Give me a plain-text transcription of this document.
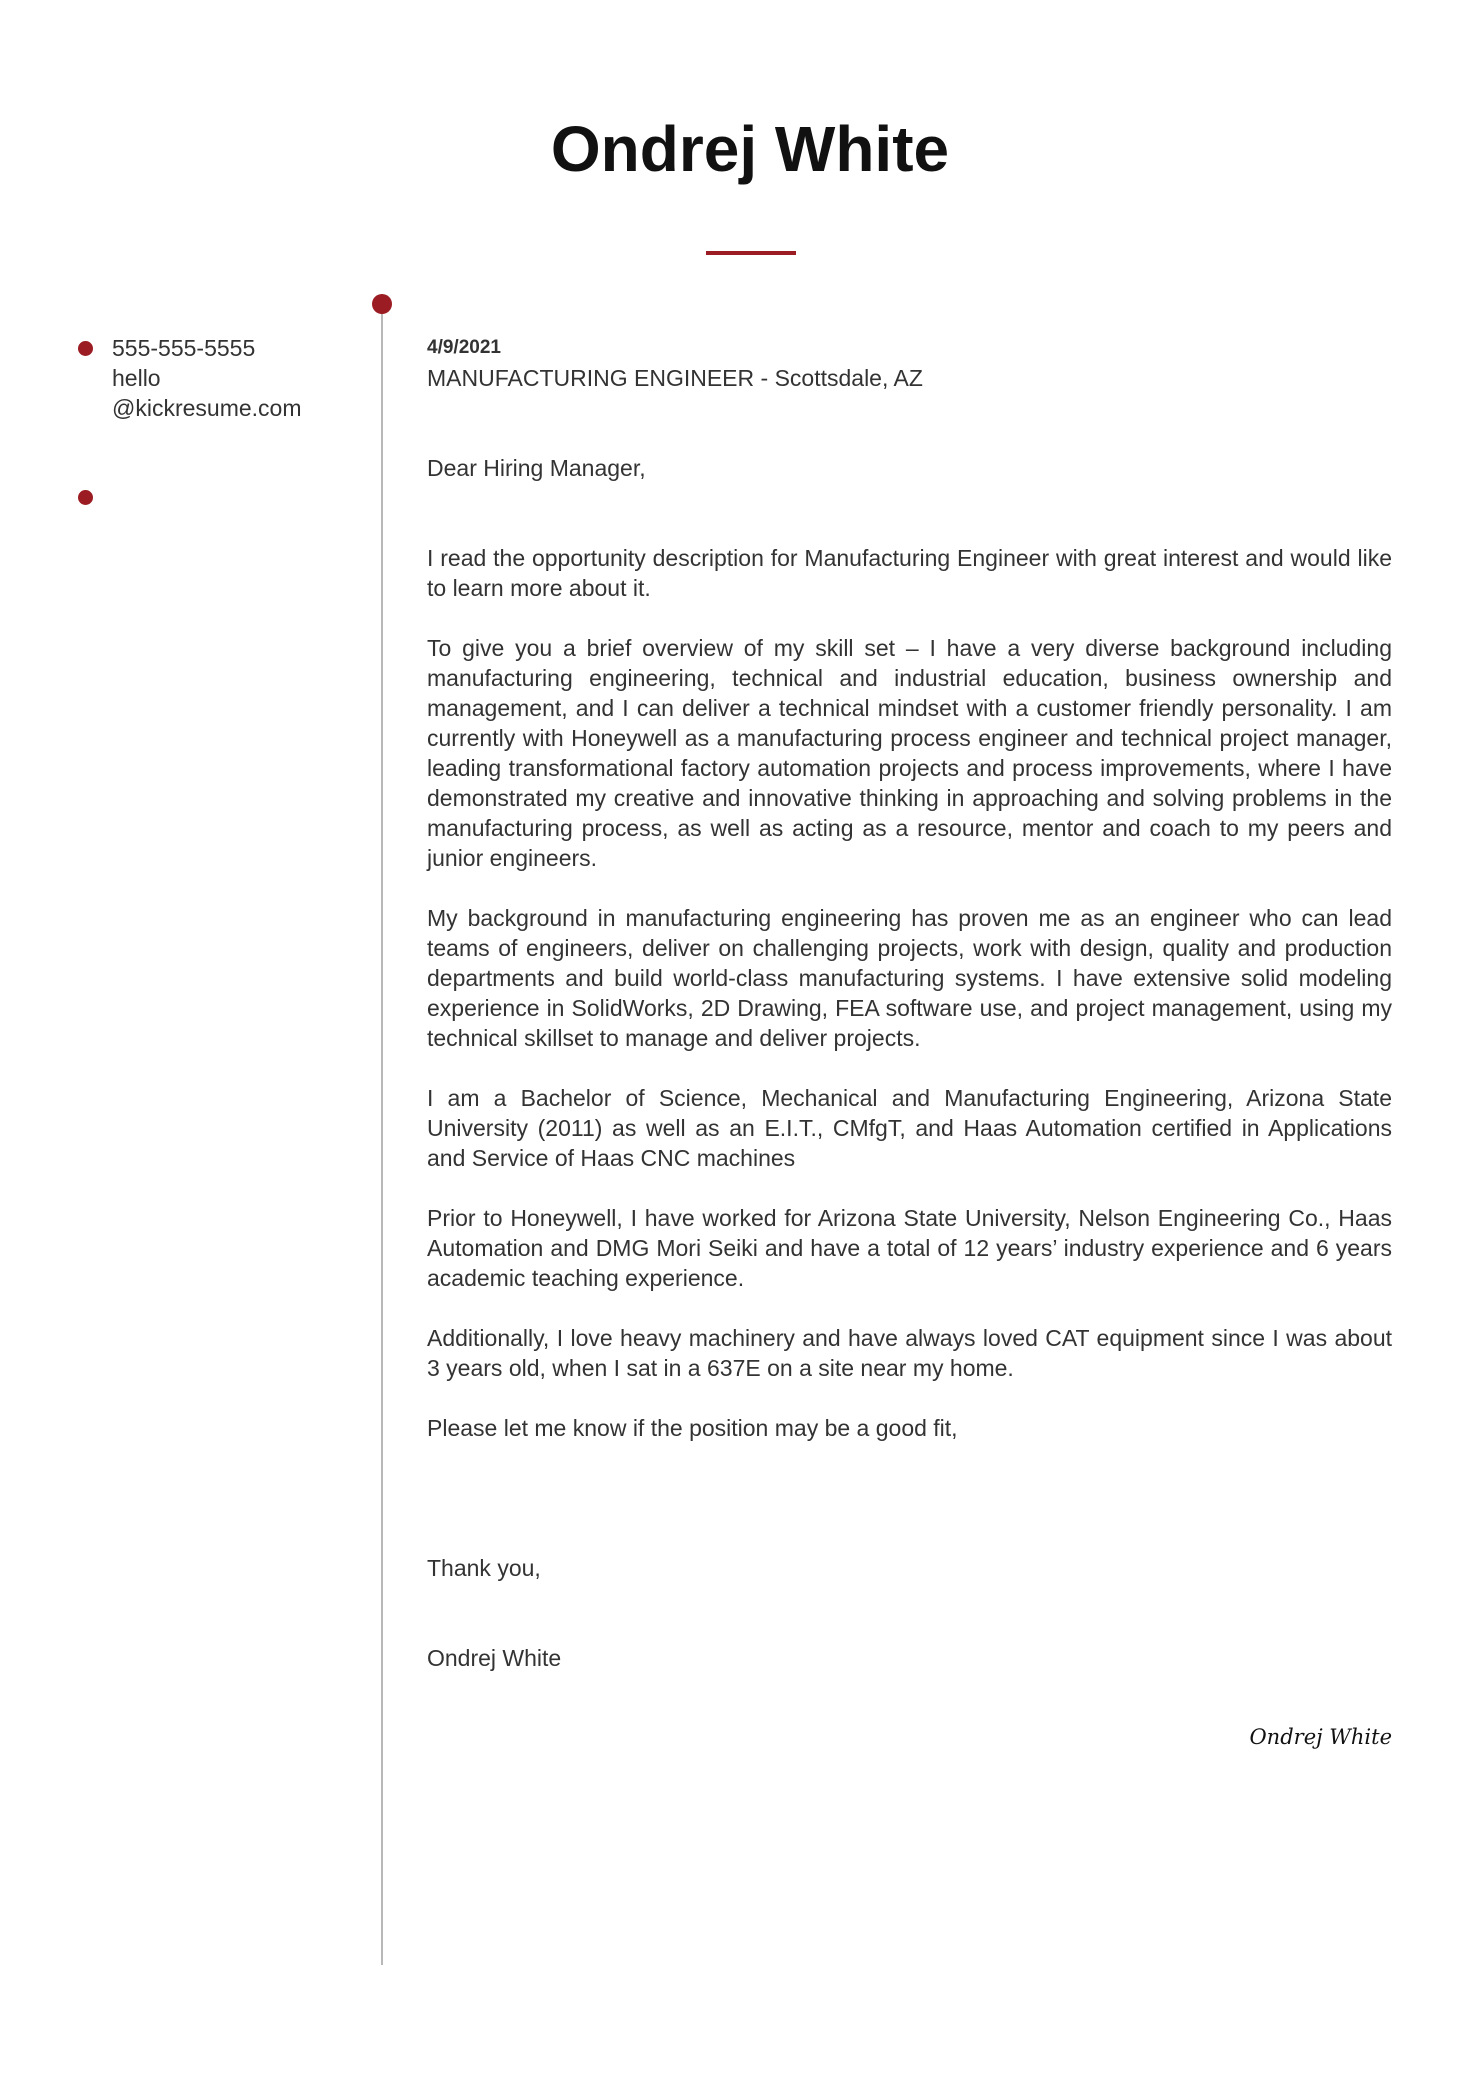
Ondrej White
555-555-5555
hello
@kickresume.com
4/9/2021
MANUFACTURING ENGINEER - Scottsdale, AZ
Dear Hiring Manager,

I read the opportunity description for Manufacturing Engineer with great interest and would like to learn more about it.

To give you a brief overview of my skill set – I have a very diverse background including manufacturing engineering, technical and industrial education, business ownership and management, and I can deliver a technical mindset with a customer friendly personality. I am currently with Honeywell as a manufacturing process engineer and technical project manager, leading transformational factory automation projects and process improvements, where I have demonstrated my creative and innovative thinking in approaching and solving problems in the manufacturing process, as well as acting as a resource, mentor and coach to my peers and junior engineers.

My background in manufacturing engineering has proven me as an engineer who can lead teams of engineers, deliver on challenging projects, work with design, quality and production departments and build world-class manufacturing systems. I have extensive solid modeling experience in SolidWorks, 2D Drawing, FEA software use, and project management, using my technical skillset to manage and deliver projects.

I am a Bachelor of Science, Mechanical and Manufacturing Engineering, Arizona State University (2011) as well as an E.I.T., CMfgT, and Haas Automation certified in Applications and Service of Haas CNC machines

Prior to Honeywell, I have worked for Arizona State University, Nelson Engineering Co., Haas Automation and DMG Mori Seiki and have a total of 12 years’ industry experience and 6 years academic teaching experience.

Additionally, I love heavy machinery and have always loved CAT equipment since I was about 3 years old, when I sat in a 637E on a site near my home.

Please let me know if the position may be a good fit,

Thank you,
Ondrej White
Ondrej White
